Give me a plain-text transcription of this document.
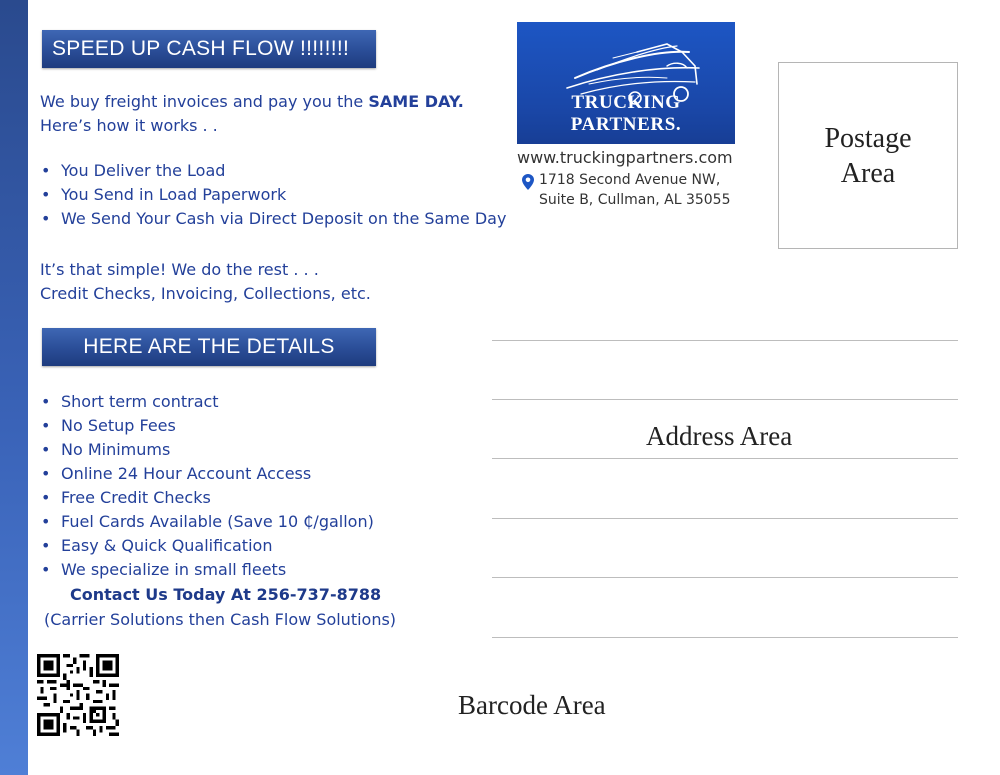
SPEED UP CASH FLOW !!!!!!!!
We buy freight invoices and pay you the SAME DAY.
Here’s how it works . .
• You Deliver the Load
• You Send in Load Paperwork
• We Send Your Cash via Direct Deposit on the Same Day
It’s that simple! We do the rest . . .
Credit Checks, Invoicing, Collections, etc.
HERE ARE THE DETAILS
• Short term contract
• No Setup Fees
• No Minimums
• Online 24 Hour Account Access
• Free Credit Checks
• Fuel Cards Available (Save 10 ₵/gallon)
• Easy & Quick Qualification
• We specialize in small fleets
Contact Us Today At 256-737-8788
(Carrier Solutions then Cash Flow Solutions)
TRUCKING PARTNERS.
www.truckingpartners.com
1718 Second Avenue NW,
Suite B, Cullman, AL 35055
Postage
Area
Address Area
Barcode Area
